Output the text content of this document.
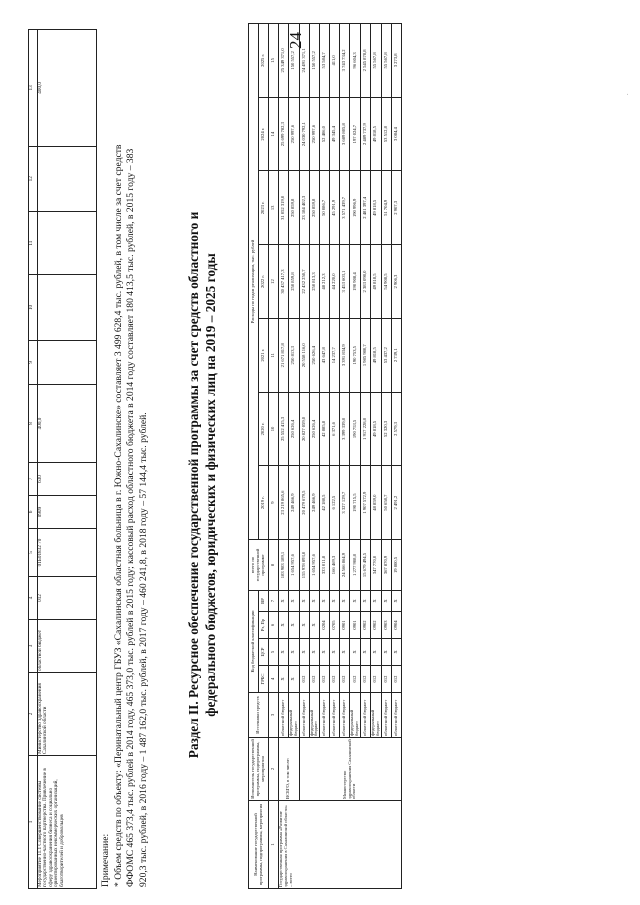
24
1	2	3	4	5	6	7	8	9	10	11	12	13
Мероприятие 11.1 Совершенствование системы государственно-частного партнерства. Привлечение в сферу здравоохранения бизнеса и социально ориентированных некоммерческих организаций, благотворителей и добровольцев	Министерство здравоохранения Сахалинской области	областной бюджет	012	01Б01832 70	0909	630	400,0					400,0
Примечание: * Объем средств по объекту: «Перинатальный центр ГБУЗ «Сахалинская областная больница в г. Южно-Сахалинске» составляет 3 499 628,4 тыс. рублей, в том числе за счет средств ФФОМС 465 373,4 тыс. рублей в 2014 году, 465 373,0 тыс. рублей в 2015 году; кассовый расход областного бюджета в 2014 году составляет 180 413,5 тыс. рублей, в 2015 году – 383 920,3 тыс. рублей, в 2016 году – 1 487 162,0 тыс. рублей, в 2017 году – 460 241,8, в 2018 году – 57 144,4 тыс. рублей.	Раздел II. Ресурсное обеспечение государственной программы за счет средств областного и федерального бюджетов, юридических и физических лиц на 2019 – 2025 годы
Наименование государственной программы, подпрограммы, мероприятия	Исполнитель государственной программы, подпрограммы, мероприятия	Источники средств	Код бюджетной классификации				всего по государственной программе	Расходы по годам реализации, тыс. рублей						
			ГРБС	ЦСР	Рз, Пр	ВР		2019 г.	2020 г.	2021 г.	2022 г.	2023 г.	2024 г.	2025 г.

1	2	3	4	5	6	7	8	9	10	11	12	13	14	15
Государственная программа «Развитие здравоохранения в Сахалинской области» – всего	ВСЕГО, в том числе:	областной бюджет	X	X	X	X	183 983 189,1	23 219 865,6	25 552 415,3	21 671 817,8	30 437 417,3	31 052 319,0	25 699 782,3	25 349 371,0
		федеральный бюджет	X	X	X	X	1 654 957,6	249 466,9	250 626,4	250 813,3	250 859,8	250 859,8	250 997,6	150 557,2
	Министерство здравоохранения Сахалинской области	областной бюджет	012	X	X	X	155 978 893,0	20 479 679,5	20 827 059,0	20 558 116,0	22 432 250,7	23 184 402,3	24 030 792,1	24 491 371,1
		федеральный бюджет	012	X	X	X	1 654 957,6	249 466,9	250 626,4	250 626,4	250 813,3	250 859,8	250 997,6	150 557,2
		областной бюджет	012	X	0204	X	333 011,8	42 188,5	42 885,8	43 647,8	48 212,3	50 086,7	52 406,0	53 584,7
		областной бюджет	012	X	0705	X	166 469,3	6 122,5	6 371,6	14 237,7	44 220,0	45 291,9	49 345,4	411,0
		областной бюджет	012	X	0901	X	24 566 864,9	3 327 129,7	3 399 339,8	3 391 834,9	3 453 603,1	3 571 439,7	3 689 805,8	3 743 734,2
		федеральный бюджет	012	X	0901	X	1 277 908,8	190 715,5	190 753,5	190 753,5	190 908,4	190 996,9	197 024,7	96 604,3
		областной бюджет	012	X	0902	X	15 679 494,5	1 907 572,9	1 917 228,8	1 985 980,7	2 383 098,0	2 481 397,4	2 489 737,9	2 545 878,8
		федеральный бюджет	012	X	0902	X	347 770,0	48 859,0	49 818,5	49 818,5	49 818,5	49 818,5	49 818,5	55 567,8
		областной бюджет	012	X	0903	X	367 870,9	50 658,7	52 320,3	53 437,2	54 908,5	51 704,9	53 512,8	55 567,8
		областной бюджет	012	X	0904	X	19 800,5	2 491,2	2 579,3	2 739,1	2 906,3	2 907,3	3 084,4	3 273,8
·
